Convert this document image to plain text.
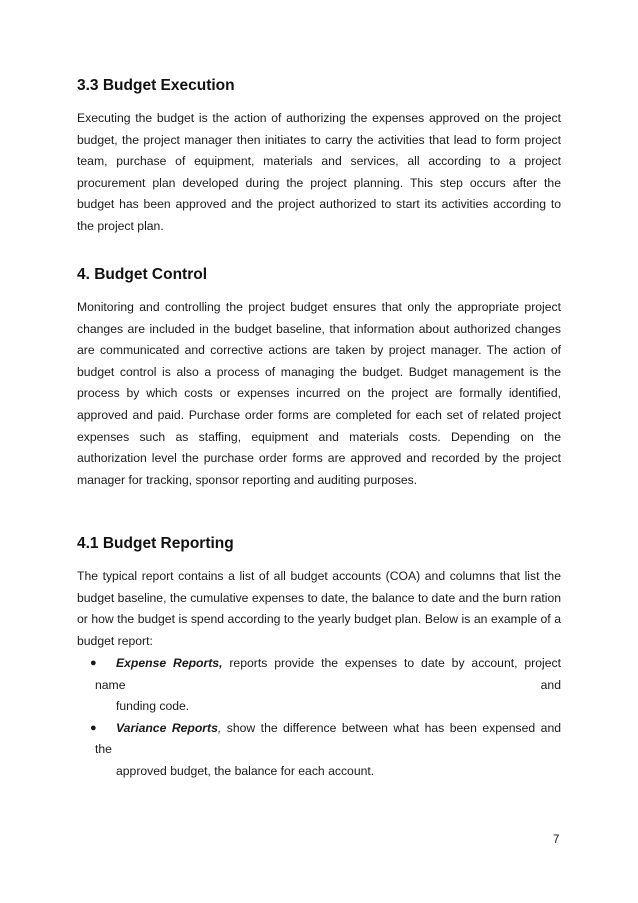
3.3 Budget Execution

Executing the budget is the action of authorizing the expenses approved on the project budget, the project manager then initiates to carry the activities that lead to form project team, purchase of equipment, materials and services, all according to a project procurement plan developed during the project planning. This step occurs after the budget has been approved and the project authorized to start its activities according to the project plan.

4. Budget Control

Monitoring and controlling the project budget ensures that only the appropriate project changes are included in the budget baseline, that information about authorized changes are communicated and corrective actions are taken by project manager. The action of budget control is also a process of managing the budget. Budget management is the process by which costs or expenses incurred on the project are formally identified, approved and paid. Purchase order forms are completed for each set of related project expenses such as staffing, equipment and materials costs. Depending on the authorization level the purchase order forms are approved and recorded by the project manager for tracking, sponsor reporting and auditing purposes.

4.1 Budget Reporting

The typical report contains a list of all budget accounts (COA) and columns that list the budget baseline, the cumulative expenses to date, the balance to date and the burn ration or how the budget is spend according to the yearly budget plan. Below is an example of a budget report:

● Expense Reports, reports provide the expenses to date by account, project
name	and
funding code.
● Variance Reports, show the difference between what has been expensed and
the
approved budget, the balance for each account.
7
